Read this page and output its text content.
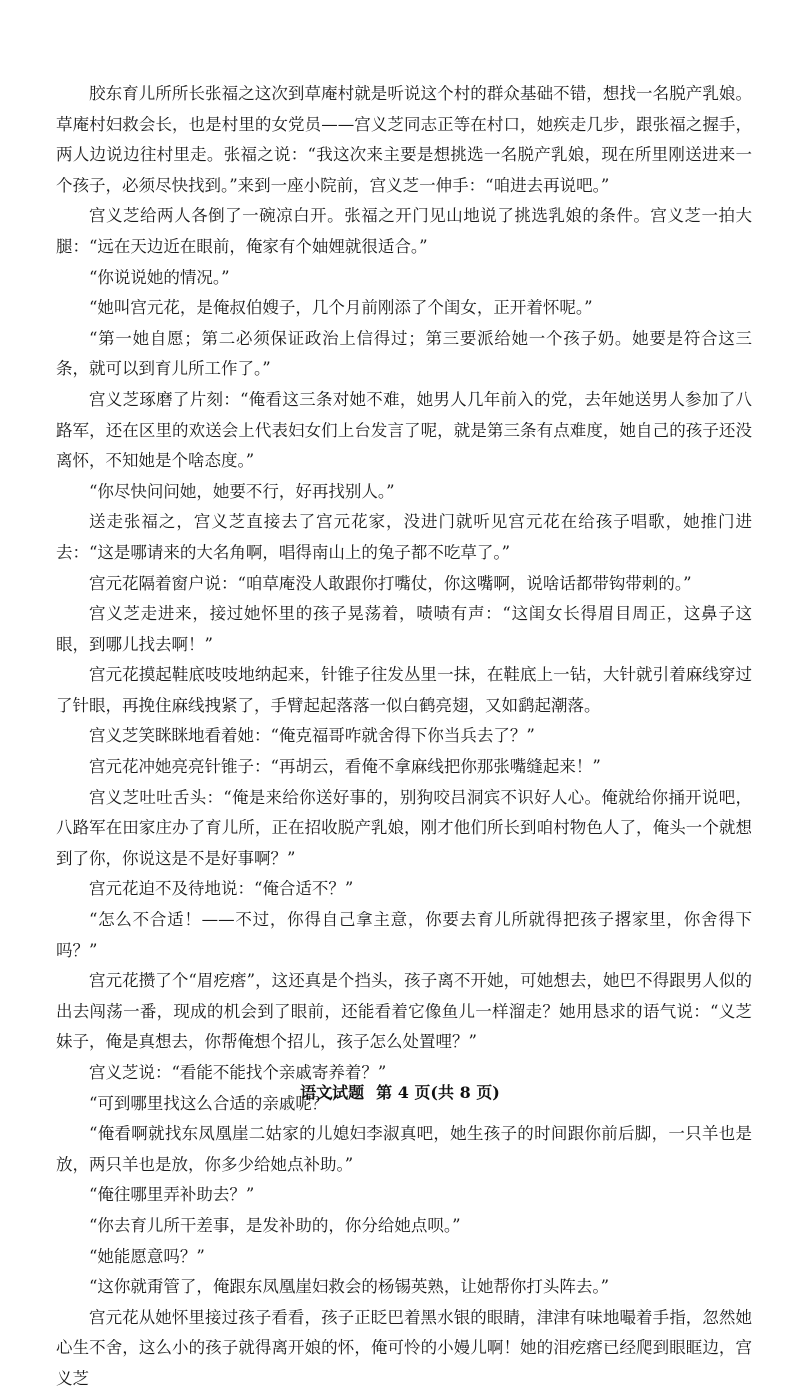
胶东育儿所所长张福之这次到草庵村就是听说这个村的群众基础不错，想找一名脱产乳娘。草庵村妇救会长，也是村里的女党员——宫义芝同志正等在村口，她疾走几步，跟张福之握手，两人边说边往村里走。张福之说：“我这次来主要是想挑选一名脱产乳娘，现在所里刚送进来一个孩子，必须尽快找到。”来到一座小院前，宫义芝一伸手：“咱进去再说吧。”

宫义芝给两人各倒了一碗凉白开。张福之开门见山地说了挑选乳娘的条件。宫义芝一拍大腿：“远在天边近在眼前，俺家有个妯娌就很适合。”

“你说说她的情况。”

“她叫宫元花，是俺叔伯嫂子，几个月前刚添了个闺女，正开着怀呢。”

“第一她自愿；第二必须保证政治上信得过；第三要派给她一个孩子奶。她要是符合这三条，就可以到育儿所工作了。”

宫义芝琢磨了片刻：“俺看这三条对她不难，她男人几年前入的党，去年她送男人参加了八路军，还在区里的欢送会上代表妇女们上台发言了呢，就是第三条有点难度，她自己的孩子还没离怀，不知她是个啥态度。”

“你尽快问问她，她要不行，好再找别人。”

送走张福之，宫义芝直接去了宫元花家，没进门就听见宫元花在给孩子唱歌，她推门进去：“这是哪请来的大名角啊，唱得南山上的兔子都不吃草了。”

宫元花隔着窗户说：“咱草庵没人敢跟你打嘴仗，你这嘴啊，说啥话都带钩带刺的。”

宫义芝走进来，接过她怀里的孩子晃荡着，啧啧有声：“这闺女长得眉目周正，这鼻子这眼，到哪儿找去啊！”

宫元花摸起鞋底吱吱地纳起来，针锥子往发丛里一抹，在鞋底上一钻，大针就引着麻线穿过了针眼，再挽住麻线拽紧了，手臂起起落落一似白鹤亮翅，又如鹞起潮落。

宫义芝笑眯眯地看着她：“俺克福哥咋就舍得下你当兵去了？”

宫元花冲她亮亮针锥子：“再胡云，看俺不拿麻线把你那张嘴缝起来！”

宫义芝吐吐舌头：“俺是来给你送好事的，别狗咬吕洞宾不识好人心。俺就给你捅开说吧，八路军在田家庄办了育儿所，正在招收脱产乳娘，刚才他们所长到咱村物色人了，俺头一个就想到了你，你说这是不是好事啊？”

宫元花迫不及待地说：“俺合适不？”

“怎么不合适！——不过，你得自己拿主意，你要去育儿所就得把孩子撂家里，你舍得下吗？”

宫元花攒了个“眉疙瘩”，这还真是个挡头，孩子离不开她，可她想去，她巴不得跟男人似的出去闯荡一番，现成的机会到了眼前，还能看着它像鱼儿一样溜走？她用恳求的语气说：“义芝妹子，俺是真想去，你帮俺想个招儿，孩子怎么处置哩？”

宫义芝说：“看能不能找个亲戚寄养着？”

“可到哪里找这么合适的亲戚呢？”

“俺看啊就找东凤凰崖二姑家的儿媳妇李淑真吧，她生孩子的时间跟你前后脚，一只羊也是放，两只羊也是放，你多少给她点补助。”

“俺往哪里弄补助去？”

“你去育儿所干差事，是发补助的，你分给她点呗。”

“她能愿意吗？”

“这你就甭管了，俺跟东凤凰崖妇救会的杨锡英熟，让她帮你打头阵去。”

宫元花从她怀里接过孩子看看，孩子正眨巴着黑水银的眼睛，津津有味地嘬着手指，忽然她心生不舍，这么小的孩子就得离开娘的怀，俺可怜的小嫚儿啊！她的泪疙瘩已经爬到眼眶边，宫义芝

语文试题 第 4 页(共 8 页)
